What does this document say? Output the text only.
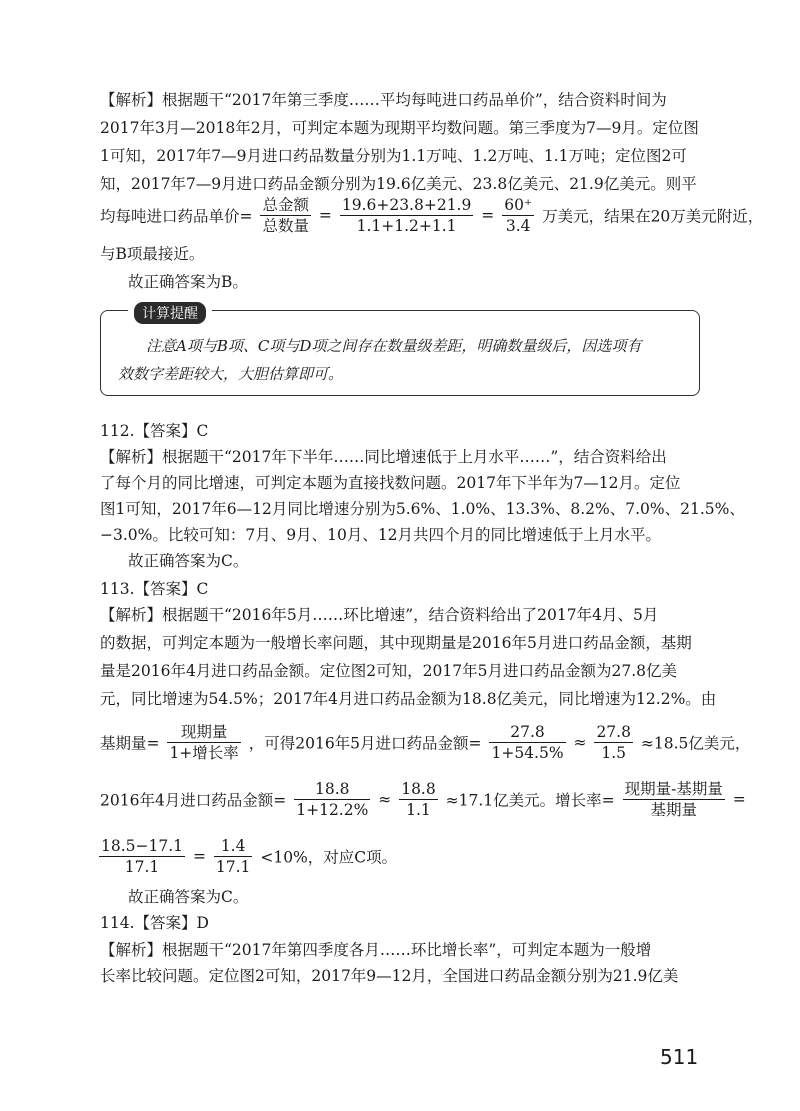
【解析】根据题干“2017年第三季度……平均每吨进口药品单价”，结合资料时间为
2017年3月—2018年2月，可判定本题为现期平均数问题。第三季度为7—9月。定位图
1可知，2017年7—9月进口药品数量分别为1.1万吨、1.2万吨、1.1万吨；定位图2可
知，2017年7—9月进口药品金额分别为19.6亿美元、23.8亿美元、21.9亿美元。则平
均每吨进口药品单价= $\frac{\text{总金额}}{\text{总数量}} = \frac{19.6+23.8+21.9}{1.1+1.2+1.1} = \frac{60^+}{3.4}$ 万美元，结果在20万美元附近，
与B项最接近。
故正确答案为B。
计算提醒
注意A项与B项、C项与D项之间存在数量级差距，明确数量级后，因选项有
效数字差距较大，大胆估算即可。
112.【答案】C
【解析】根据题干“2017年下半年……同比增速低于上月水平……”，结合资料给出
了每个月的同比增速，可判定本题为直接找数问题。2017年下半年为7—12月。定位
图1可知，2017年6—12月同比增速分别为5.6%、1.0%、13.3%、8.2%、7.0%、21.5%、
−3.0%。比较可知：7月、9月、10月、12月共四个月的同比增速低于上月水平。
故正确答案为C。
113.【答案】C
【解析】根据题干“2016年5月……环比增速”，结合资料给出了2017年4月、5月
的数据，可判定本题为一般增长率问题，其中现期量是2016年5月进口药品金额，基期
量是2016年4月进口药品金额。定位图2可知，2017年5月进口药品金额为27.8亿美
元，同比增速为54.5%；2017年4月进口药品金额为18.8亿美元，同比增速为12.2%。由
基期量= $\frac{\text{现期量}}{\text{1+增长率}}$ ，可得2016年5月进口药品金额= $\frac{27.8}{1+54.5\%} \approx \frac{27.8}{1.5} \approx 18.5$亿美元，
2016年4月进口药品金额= $\frac{18.8}{1+12.2\%} \approx \frac{18.8}{1.1} \approx 17.1$亿美元。增长率= $\frac{\text{现期量-基期量}}{\text{基期量}}$ =
$\frac{18.5-17.1}{17.1} = \frac{1.4}{17.1} <10\%$，对应C项。
故正确答案为C。
114.【答案】D
【解析】根据题干“2017年第四季度各月……环比增长率”，可判定本题为一般增
长率比较问题。定位图2可知，2017年9—12月，全国进口药品金额分别为21.9亿美
511
